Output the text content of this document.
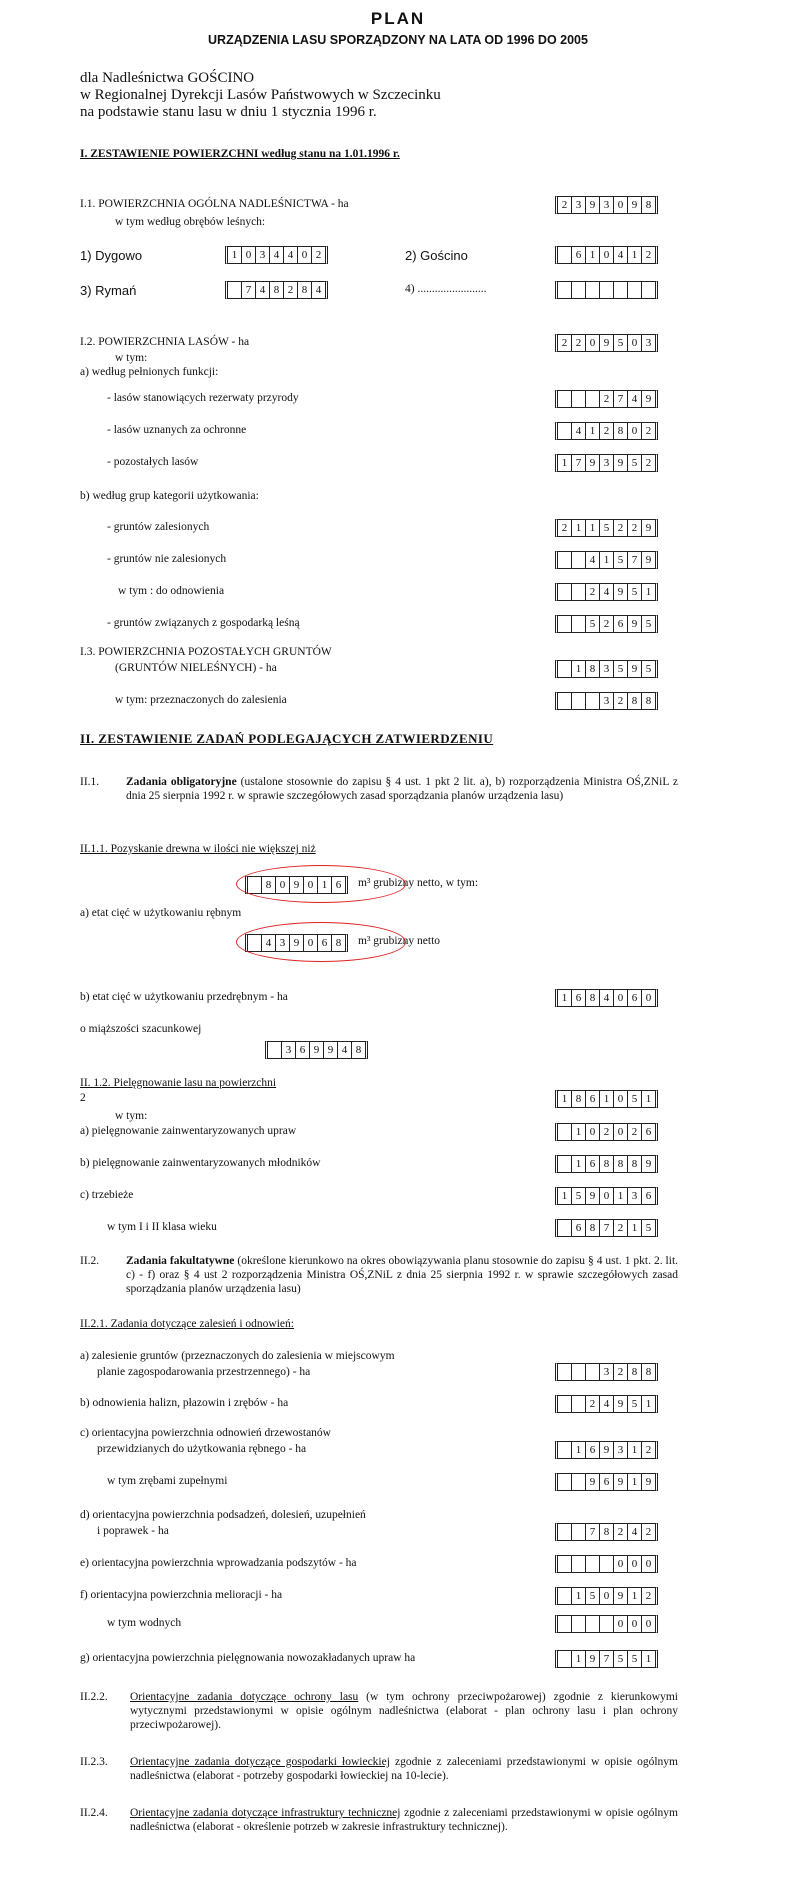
PLAN
URZĄDZENIA LASU SPORZĄDZONY NA LATA OD 1996 DO 2005
dla Nadleśnictwa GOŚCINO
w Regionalnej Dyrekcji Lasów Państwowych w Szczecinku
na podstawie stanu lasu w dniu 1 stycznia 1996 r.
I. ZESTAWIENIE POWIERZCHNI według stanu na 1.01.1996 r.
I.1. POWIERZCHNIA OGÓLNA NADLEŚNICTWA - ha	2 3 9 3 0 9 8
w tym według obrębów leśnych:
1) Dygowo	1 0 3 4 4 0 2	2) Gościno	6 1 0 4 1 2
3) Rymań	7 4 8 2 8 4	4) ........................
I.2. POWIERZCHNIA LASÓW - ha	2 2 0 9 5 0 3
w tym:
a) według pełnionych funkcji:
- lasów stanowiących rezerwaty przyrody	2 7 4 9
- lasów uznanych za ochronne	4 1 2 8 0 2
- pozostałych lasów	1 7 9 3 9 5 2
b) według grup kategorii użytkowania:
- gruntów zalesionych	2 1 1 5 2 2 9
- gruntów nie zalesionych	4 1 5 7 9
w tym : do odnowienia	2 4 9 5 1
- gruntów związanych z gospodarką leśną	5 2 6 9 5
I.3. POWIERZCHNIA POZOSTAŁYCH GRUNTÓW
(GRUNTÓW NIELEŚNYCH) - ha	1 8 3 5 9 5
w tym: przeznaczonych do zalesienia	3 2 8 8
II. ZESTAWIENIE ZADAŃ PODLEGAJĄCYCH ZATWIERDZENIU
II.1. Zadania obligatoryjne (ustalone stosownie do zapisu § 4 ust. 1 pkt 2 lit. a), b) rozporządzenia Ministra OŚ,ZNiL z dnia 25 sierpnia 1992 r. w sprawie szczegółowych zasad sporządzania planów urządzenia lasu)
II.1.1. Pozyskanie drewna w ilości nie większej niż
8 0 9 0 1 6	m³ grubizny netto, w tym:
a) etat cięć w użytkowaniu rębnym
4 3 9 0 6 8	m³ grubizny netto
b) etat cięć w użytkowaniu przedrębnym - ha	1 6 8 4 0 6 0
o miąższości szacunkowej
3 6 9 9 4 8
II. 1.2. Pielęgnowanie lasu na powierzchni
2	1 8 6 1 0 5 1
w tym:
a) pielęgnowanie zainwentaryzowanych upraw	1 0 2 0 2 6
b) pielęgnowanie zainwentaryzowanych młodników	1 6 8 8 8 9
c) trzebieże	1 5 9 0 1 3 6
w tym I i II klasa wieku	6 8 7 2 1 5
II.2. Zadania fakultatywne (określone kierunkowo na okres obowiązywania planu stosownie do zapisu § 4 ust. 1 pkt. 2. lit. c) - f) oraz § 4 ust 2 rozporządzenia Ministra OŚ,ZNiL z dnia 25 sierpnia 1992 r. w sprawie szczegółowych zasad sporządzania planów urządzenia lasu)
II.2.1. Zadania dotyczące zalesień i odnowień:
a) zalesienie gruntów (przeznaczonych do zalesienia w miejscowym
planie zagospodarowania przestrzennego) - ha	3 2 8 8
b) odnowienia halizn, płazowin i zrębów - ha	2 4 9 5 1
c) orientacyjna powierzchnia odnowień drzewostanów
przewidzianych do użytkowania rębnego - ha	1 6 9 3 1 2
w tym zrębami zupełnymi	9 6 9 1 9
d) orientacyjna powierzchnia podsadzeń, dolesień, uzupełnień
i poprawek - ha	7 8 2 4 2
e) orientacyjna powierzchnia wprowadzania podszytów - ha	0 0 0
f) orientacyjna powierzchnia melioracji - ha	1 5 0 9 1 2
w tym wodnych	0 0 0
g) orientacyjna powierzchnia pielęgnowania nowozakładanych upraw ha	1 9 7 5 5 1
II.2.2. Orientacyjne zadania dotyczące ochrony lasu (w tym ochrony przeciwpożarowej) zgodnie z kierunkowymi wytycznymi przedstawionymi w opisie ogólnym nadleśnictwa (elaborat - plan ochrony lasu i plan ochrony przeciwpożarowej).
II.2.3. Orientacyjne zadania dotyczące gospodarki łowieckiej zgodnie z zaleceniami przedstawionymi w opisie ogólnym nadleśnictwa (elaborat - potrzeby gospodarki łowieckiej na 10-lecie).
II.2.4. Orientacyjne zadania dotyczące infrastruktury technicznej zgodnie z zaleceniami przedstawionymi w opisie ogólnym nadleśnictwa (elaborat - określenie potrzeb w zakresie infrastruktury technicznej).
